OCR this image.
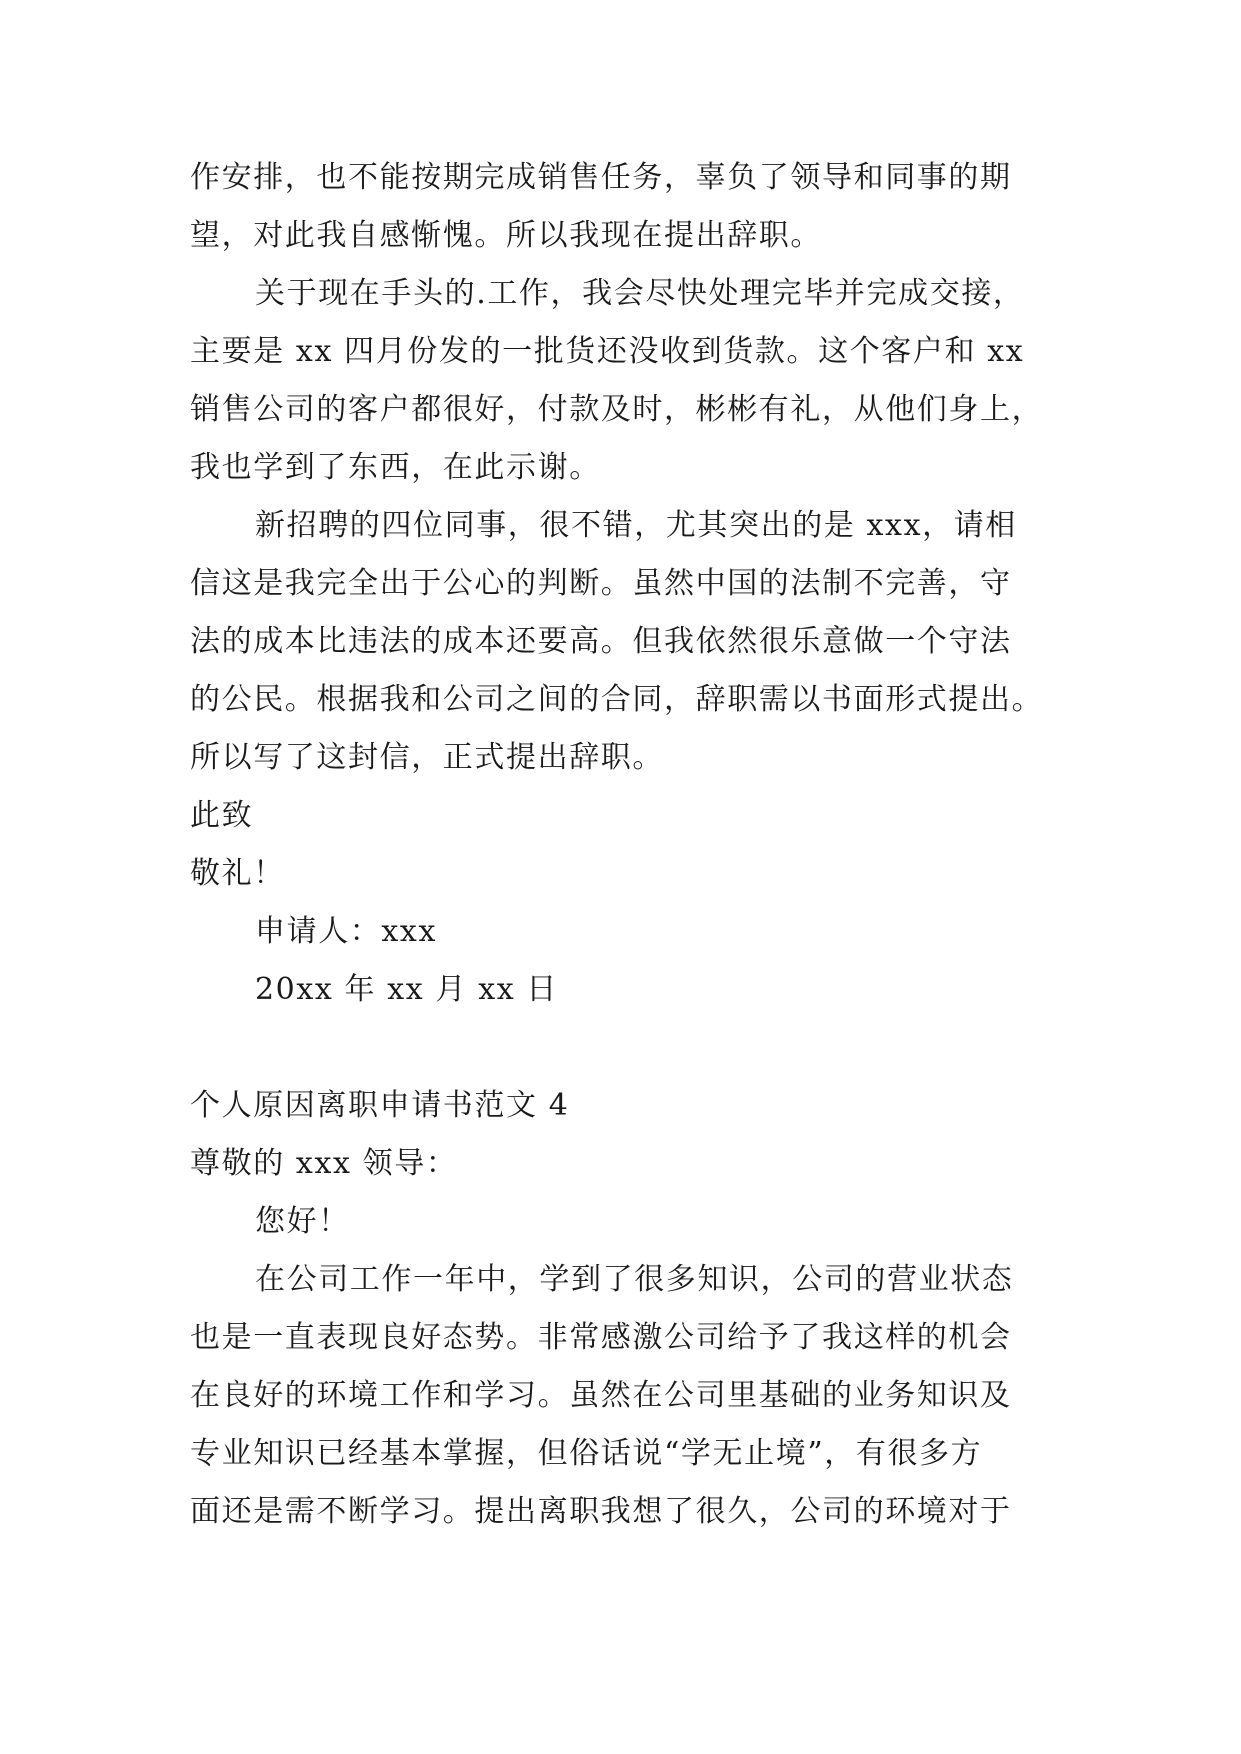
作安排，也不能按期完成销售任务，辜负了领导和同事的期
望，对此我自感惭愧。所以我现在提出辞职。
关于现在手头的.工作，我会尽快处理完毕并完成交接，
主要是 xx 四月份发的一批货还没收到货款。这个客户和 xx
销售公司的客户都很好，付款及时，彬彬有礼，从他们身上，
我也学到了东西，在此示谢。
新招聘的四位同事，很不错，尤其突出的是 xxx，请相
信这是我完全出于公心的判断。虽然中国的法制不完善，守
法的成本比违法的成本还要高。但我依然很乐意做一个守法
的公民。根据我和公司之间的合同，辞职需以书面形式提出。
所以写了这封信，正式提出辞职。
此致
敬礼！
申请人：xxx
20xx 年 xx 月 xx 日
个人原因离职申请书范文 4
尊敬的 xxx 领导：
您好！
在公司工作一年中，学到了很多知识，公司的营业状态
也是一直表现良好态势。非常感激公司给予了我这样的机会
在良好的环境工作和学习。虽然在公司里基础的业务知识及
专业知识已经基本掌握，但俗话说“学无止境”，有很多方
面还是需不断学习。提出离职我想了很久，公司的环境对于
